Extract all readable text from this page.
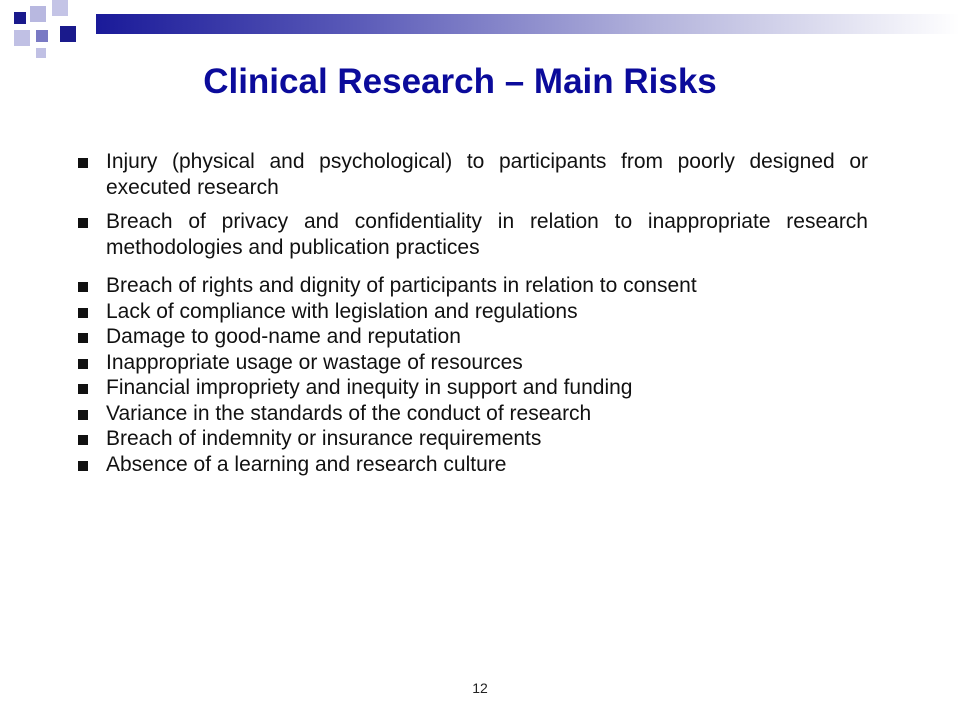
Clinical Research – Main Risks
Injury (physical and psychological) to participants from poorly designed or executed research
Breach of privacy and confidentiality in relation to inappropriate research methodologies and publication practices
Breach of rights and dignity of participants in relation to consent
Lack of compliance with legislation and regulations
Damage to good-name and reputation
Inappropriate usage or wastage of resources
Financial impropriety and inequity in support and funding
Variance in the standards of the conduct of research
Breach of indemnity or insurance requirements
Absence of a learning and research culture
12
